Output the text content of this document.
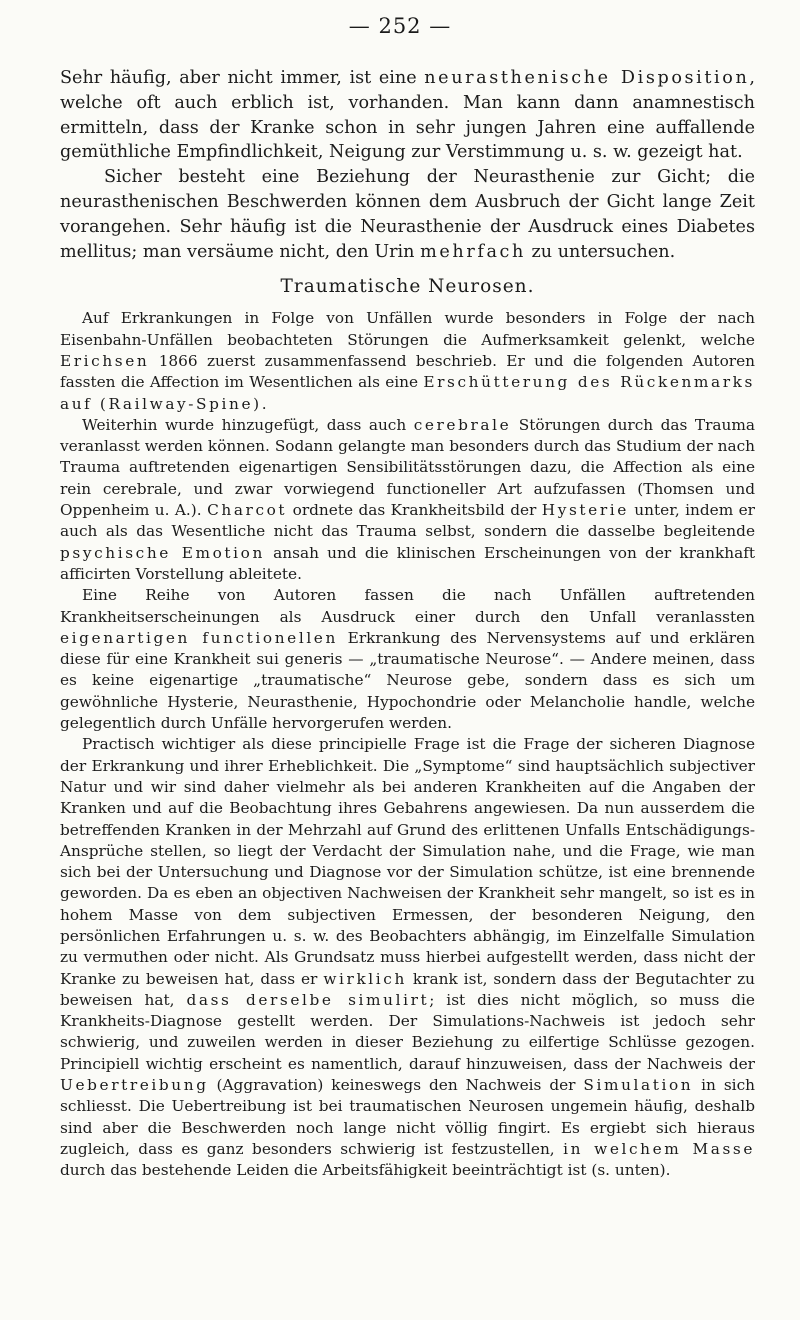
— 252 —

Sehr häufig, aber nicht immer, ist eine neurasthenische Disposition, welche oft auch erblich ist, vorhanden. Man kann dann anamnestisch ermitteln, dass der Kranke schon in sehr jungen Jahren eine auffallende gemüthliche Empfindlichkeit, Neigung zur Verstimmung u. s. w. gezeigt hat.

Sicher besteht eine Beziehung der Neurasthenie zur Gicht; die neurasthenischen Beschwerden können dem Ausbruch der Gicht lange Zeit vorangehen. Sehr häufig ist die Neurasthenie der Ausdruck eines Diabetes mellitus; man versäume nicht, den Urin mehrfach zu untersuchen.

Traumatische Neurosen.

Auf Erkrankungen in Folge von Unfällen wurde besonders in Folge der nach Eisenbahn-Unfällen beobachteten Störungen die Aufmerksamkeit gelenkt, welche Erichsen 1866 zuerst zusammenfassend beschrieb. Er und die folgenden Autoren fassten die Affection im Wesentlichen als eine Erschütterung des Rückenmarks auf (Railway-Spine).

Weiterhin wurde hinzugefügt, dass auch cerebrale Störungen durch das Trauma veranlasst werden können. Sodann gelangte man besonders durch das Studium der nach Trauma auftretenden eigenartigen Sensibilitätsstörungen dazu, die Affection als eine rein cerebrale, und zwar vorwiegend functioneller Art aufzufassen (Thomsen und Oppenheim u. A.). Charcot ordnete das Krankheitsbild der Hysterie unter, indem er auch als das Wesentliche nicht das Trauma selbst, sondern die dasselbe begleitende psychische Emotion ansah und die klinischen Erscheinungen von der krankhaft afficirten Vorstellung ableitete.

Eine Reihe von Autoren fassen die nach Unfällen auftretenden Krankheitserscheinungen als Ausdruck einer durch den Unfall veranlassten eigenartigen functionellen Erkrankung des Nervensystems auf und erklären diese für eine Krankheit sui generis — „traumatische Neurose“. — Andere meinen, dass es keine eigenartige „traumatische“ Neurose gebe, sondern dass es sich um gewöhnliche Hysterie, Neurasthenie, Hypochondrie oder Melancholie handle, welche gelegentlich durch Unfälle hervorgerufen werden.

Practisch wichtiger als diese principielle Frage ist die Frage der sicheren Diagnose der Erkrankung und ihrer Erheblichkeit. Die „Symptome“ sind hauptsächlich subjectiver Natur und wir sind daher vielmehr als bei anderen Krankheiten auf die Angaben der Kranken und auf die Beobachtung ihres Gebahrens angewiesen. Da nun ausserdem die betreffenden Kranken in der Mehrzahl auf Grund des erlittenen Unfalls Entschädigungs-Ansprüche stellen, so liegt der Verdacht der Simulation nahe, und die Frage, wie man sich bei der Untersuchung und Diagnose vor der Simulation schütze, ist eine brennende geworden. Da es eben an objectiven Nachweisen der Krankheit sehr mangelt, so ist es in hohem Masse von dem subjectiven Ermessen, der besonderen Neigung, den persönlichen Erfahrungen u. s. w. des Beobachters abhängig, im Einzelfalle Simulation zu vermuthen oder nicht. Als Grundsatz muss hierbei aufgestellt werden, dass nicht der Kranke zu beweisen hat, dass er wirklich krank ist, sondern dass der Begutachter zu beweisen hat, dass derselbe simulirt; ist dies nicht möglich, so muss die Krankheits-Diagnose gestellt werden. Der Simulations-Nachweis ist jedoch sehr schwierig, und zuweilen werden in dieser Beziehung zu eilfertige Schlüsse gezogen. Principiell wichtig erscheint es namentlich, darauf hinzuweisen, dass der Nachweis der Uebertreibung (Aggravation) keineswegs den Nachweis der Simulation in sich schliesst. Die Uebertreibung ist bei traumatischen Neurosen ungemein häufig, deshalb sind aber die Beschwerden noch lange nicht völlig fingirt. Es ergiebt sich hieraus zugleich, dass es ganz besonders schwierig ist festzustellen, in welchem Masse durch das bestehende Leiden die Arbeitsfähigkeit beeinträchtigt ist (s. unten).
